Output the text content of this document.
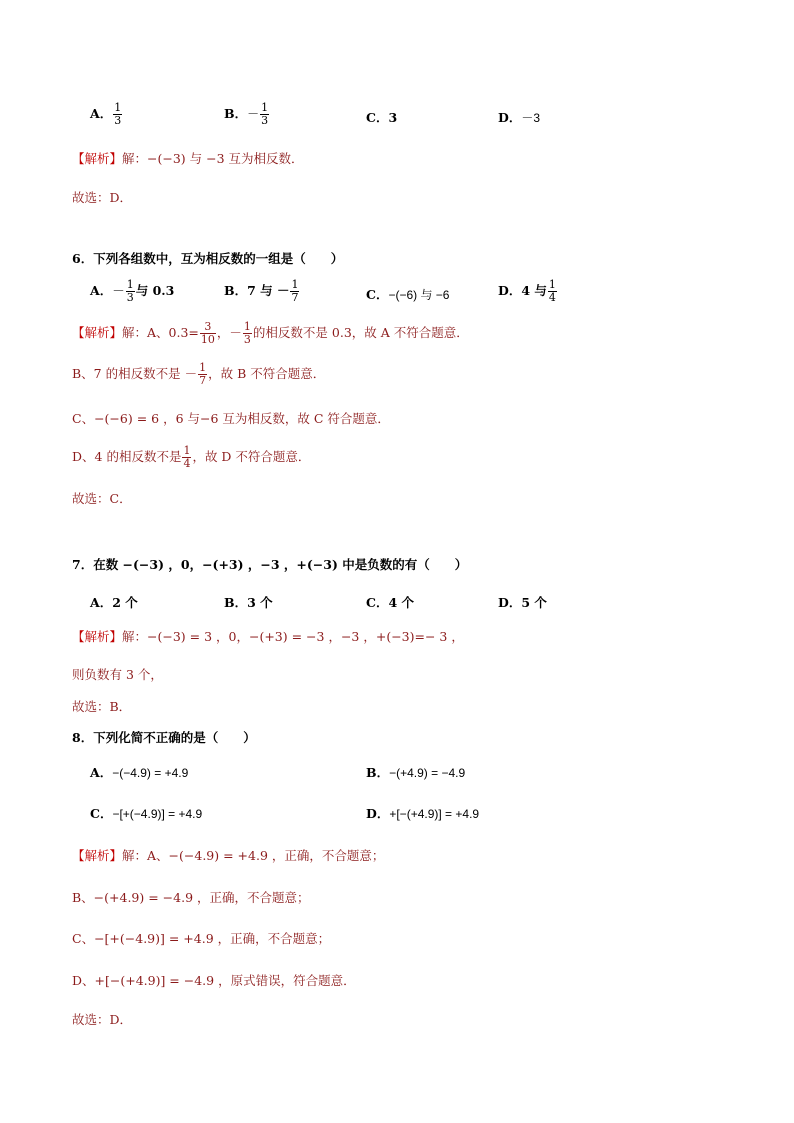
A． $\frac{1}{3}$	B．－ $\frac{1}{3}$	C．3	D．－3
【解析】解：−(−3) 与 −3 互为相反数．
故选：D．
6．下列各组数中，互为相反数的一组是（　　）
A．－ $\frac{1}{3}$ 与 0.3	B．7 与 － $\frac{1}{7}$	C．−(−6) 与 −6	D．4 与 $\frac{1}{4}$
【解析】解：A、$0.3= \frac{3}{10}$ ，－ $\frac{1}{3}$ 的相反数不是 0.3，故 A 不符合题意．
B、7 的相反数不是 － $\frac{1}{7}$ ，故 B 不符合题意．
C、−(−6) = 6 ，6 与−6 互为相反数，故 C 符合题意．
D、4 的相反数不是 $\frac{1}{4}$ ，故 D 不符合题意．
故选：C．
7．在数 −(−3) ，0，−(+3) ，−3 ，+(−3) 中是负数的有（　　）
A．2 个	B．3 个	C．4 个	D．5 个
【解析】解：−(−3) = 3 ，0，−(+3) = −3 ，−3 ，+(−3)=− 3 ，
则负数有 3 个，
故选：B．
8．下列化简不正确的是（　　）
A．−(−4.9) = +4.9	B．−(+4.9) = −4.9
C．−[+(−4.9)] = +4.9	D．+[−(+4.9)] = +4.9
【解析】解：A、−(−4.9) = +4.9 ，正确，不合题意；
B、−(+4.9) = −4.9 ，正确，不合题意；
C、−[+(−4.9)] = +4.9 ，正确，不合题意；
D、+[−(+4.9)] = −4.9 ，原式错误，符合题意．
故选：D．
